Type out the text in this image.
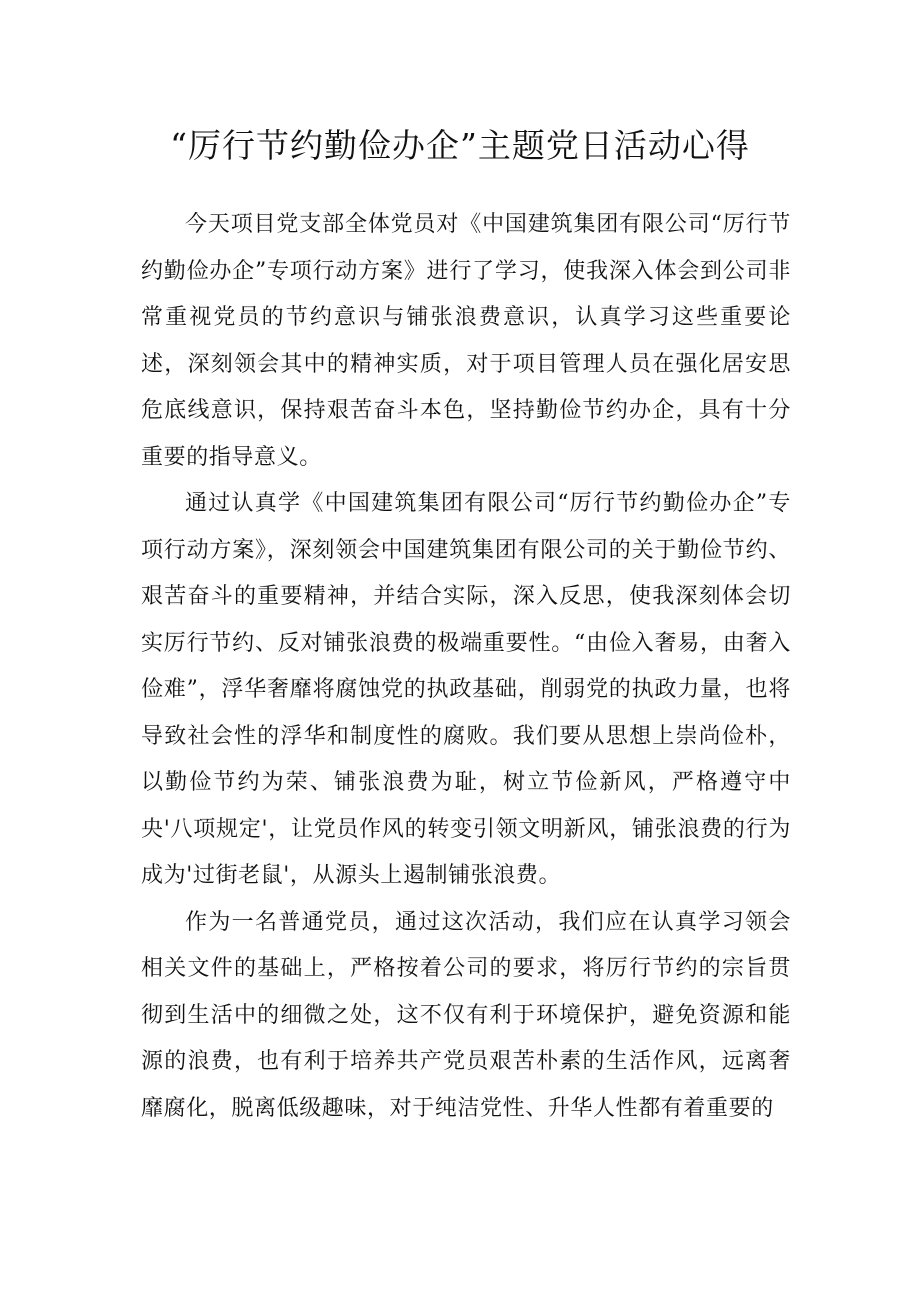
“厉行节约勤俭办企”主题党日活动心得

今天项目党支部全体党员对《中国建筑集团有限公司“厉行节约勤俭办企”专项行动方案》进行了学习，使我深入体会到公司非常重视党员的节约意识与铺张浪费意识，认真学习这些重要论述，深刻领会其中的精神实质，对于项目管理人员在强化居安思危底线意识，保持艰苦奋斗本色，坚持勤俭节约办企，具有十分重要的指导意义。

通过认真学《中国建筑集团有限公司“厉行节约勤俭办企”专项行动方案》，深刻领会中国建筑集团有限公司的关于勤俭节约、艰苦奋斗的重要精神，并结合实际，深入反思，使我深刻体会切实厉行节约、反对铺张浪费的极端重要性。“由俭入奢易，由奢入俭难”，浮华奢靡将腐蚀党的执政基础，削弱党的执政力量，也将导致社会性的浮华和制度性的腐败。我们要从思想上崇尚俭朴，以勤俭节约为荣、铺张浪费为耻，树立节俭新风，严格遵守中央'八项规定'，让党员作风的转变引领文明新风，铺张浪费的行为成为'过街老鼠'，从源头上遏制铺张浪费。

作为一名普通党员，通过这次活动，我们应在认真学习领会相关文件的基础上，严格按着公司的要求，将厉行节约的宗旨贯彻到生活中的细微之处，这不仅有利于环境保护，避免资源和能源的浪费，也有利于培养共产党员艰苦朴素的生活作风，远离奢靡腐化，脱离低级趣味，对于纯洁党性、升华人性都有着重要的
